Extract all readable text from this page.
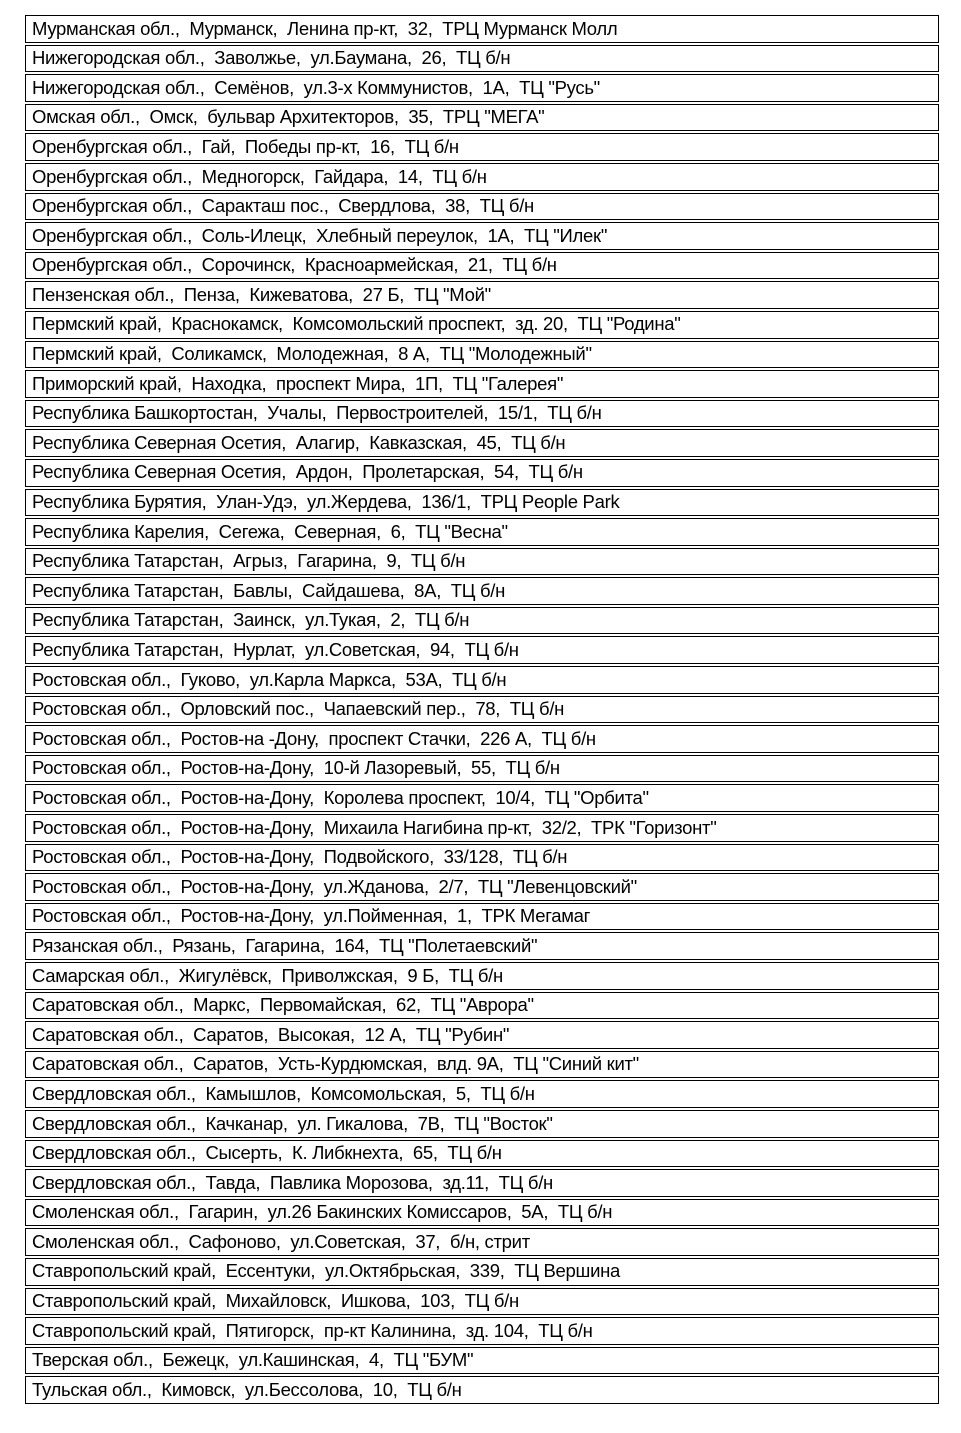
Мурманская обл.,  Мурманск,  Ленина пр-кт,  32,  ТРЦ Мурманск Молл
Нижегородская обл.,  Заволжье,  ул.Баумана,  26,  ТЦ б/н
Нижегородская обл.,  Семёнов,  ул.3-х Коммунистов,  1А,  ТЦ "Русь"
Омская обл.,  Омск,  бульвар Архитекторов,  35,  ТРЦ "МЕГА"
Оренбургская обл.,  Гай,  Победы пр-кт,  16,  ТЦ б/н
Оренбургская обл.,  Медногорск,  Гайдара,  14,  ТЦ б/н
Оренбургская обл.,  Саракташ пос.,  Свердлова,  38,  ТЦ б/н
Оренбургская обл.,  Соль-Илецк,  Хлебный переулок,  1А,  ТЦ "Илек"
Оренбургская обл.,  Сорочинск,  Красноармейская,  21,  ТЦ б/н
Пензенская обл.,  Пенза,  Кижеватова,  27 Б,  ТЦ "Мой"
Пермский край,  Краснокамск,  Комсомольский проспект,  зд. 20,  ТЦ "Родина"
Пермский край,  Соликамск,  Молодежная,  8 А,  ТЦ "Молодежный"
Приморский край,  Находка,  проспект Мира,  1П,  ТЦ "Галерея"
Республика Башкортостан,  Учалы,  Первостроителей,  15/1,  ТЦ б/н
Республика Северная Осетия,  Алагир,  Кавказская,  45,  ТЦ б/н
Республика Северная Осетия,  Ардон,  Пролетарская,  54,  ТЦ б/н
Республика Бурятия,  Улан-Удэ,  ул.Жердева,  136/1,  ТРЦ People Park
Республика Карелия,  Сегежа,  Северная,  6,  ТЦ "Весна"
Республика Татарстан,  Агрыз,  Гагарина,  9,  ТЦ б/н
Республика Татарстан,  Бавлы,  Сайдашева,  8А,  ТЦ б/н
Республика Татарстан,  Заинск,  ул.Тукая,  2,  ТЦ б/н
Республика Татарстан,  Нурлат,  ул.Советская,  94,  ТЦ б/н
Ростовская обл.,  Гуково,  ул.Карла Маркса,  53А,  ТЦ б/н
Ростовская обл.,  Орловский пос.,  Чапаевский пер.,  78,  ТЦ б/н
Ростовская обл.,  Ростов-на -Дону,  проспект Стачки,  226 А,  ТЦ б/н
Ростовская обл.,  Ростов-на-Дону,  10-й Лазоревый,  55,  ТЦ б/н
Ростовская обл.,  Ростов-на-Дону,  Королева проспект,  10/4,  ТЦ "Орбита"
Ростовская обл.,  Ростов-на-Дону,  Михаила Нагибина пр-кт,  32/2,  ТРК "Горизонт"
Ростовская обл.,  Ростов-на-Дону,  Подвойского,  33/128,  ТЦ б/н
Ростовская обл.,  Ростов-на-Дону,  ул.Жданова,  2/7,  ТЦ "Левенцовский"
Ростовская обл.,  Ростов-на-Дону,  ул.Пойменная,  1,  ТРК Мегамаг
Рязанская обл.,  Рязань,  Гагарина,  164,  ТЦ "Полетаевский"
Самарская обл.,  Жигулёвск,  Приволжская,  9 Б,  ТЦ б/н
Саратовская обл.,  Маркс,  Первомайская,  62,  ТЦ "Аврора"
Саратовская обл.,  Саратов,  Высокая,  12 А,  ТЦ "Рубин"
Саратовская обл.,  Саратов,  Усть-Курдюмская,  влд. 9А,  ТЦ "Синий кит"
Свердловская обл.,  Камышлов,  Комсомольская,  5,  ТЦ б/н
Свердловская обл.,  Качканар,  ул. Гикалова,  7В,  ТЦ "Восток"
Свердловская обл.,  Сысерть,  К. Либкнехта,  65,  ТЦ б/н
Свердловская обл.,  Тавда,  Павлика Морозова,  зд.11,  ТЦ б/н
Смоленская обл.,  Гагарин,  ул.26 Бакинских Комиссаров,  5А,  ТЦ б/н
Смоленская обл.,  Сафоново,  ул.Советская,  37,  б/н, стрит
Ставропольский край,  Ессентуки,  ул.Октябрьская,  339,  ТЦ Вершина
Ставропольский край,  Михайловск,  Ишкова,  103,  ТЦ б/н
Ставропольский край,  Пятигорск,  пр-кт Калинина,  зд. 104,  ТЦ б/н
Тверская обл.,  Бежецк,  ул.Кашинская,  4,  ТЦ "БУМ"
Тульская обл.,  Кимовск,  ул.Бессолова,  10,  ТЦ б/н
